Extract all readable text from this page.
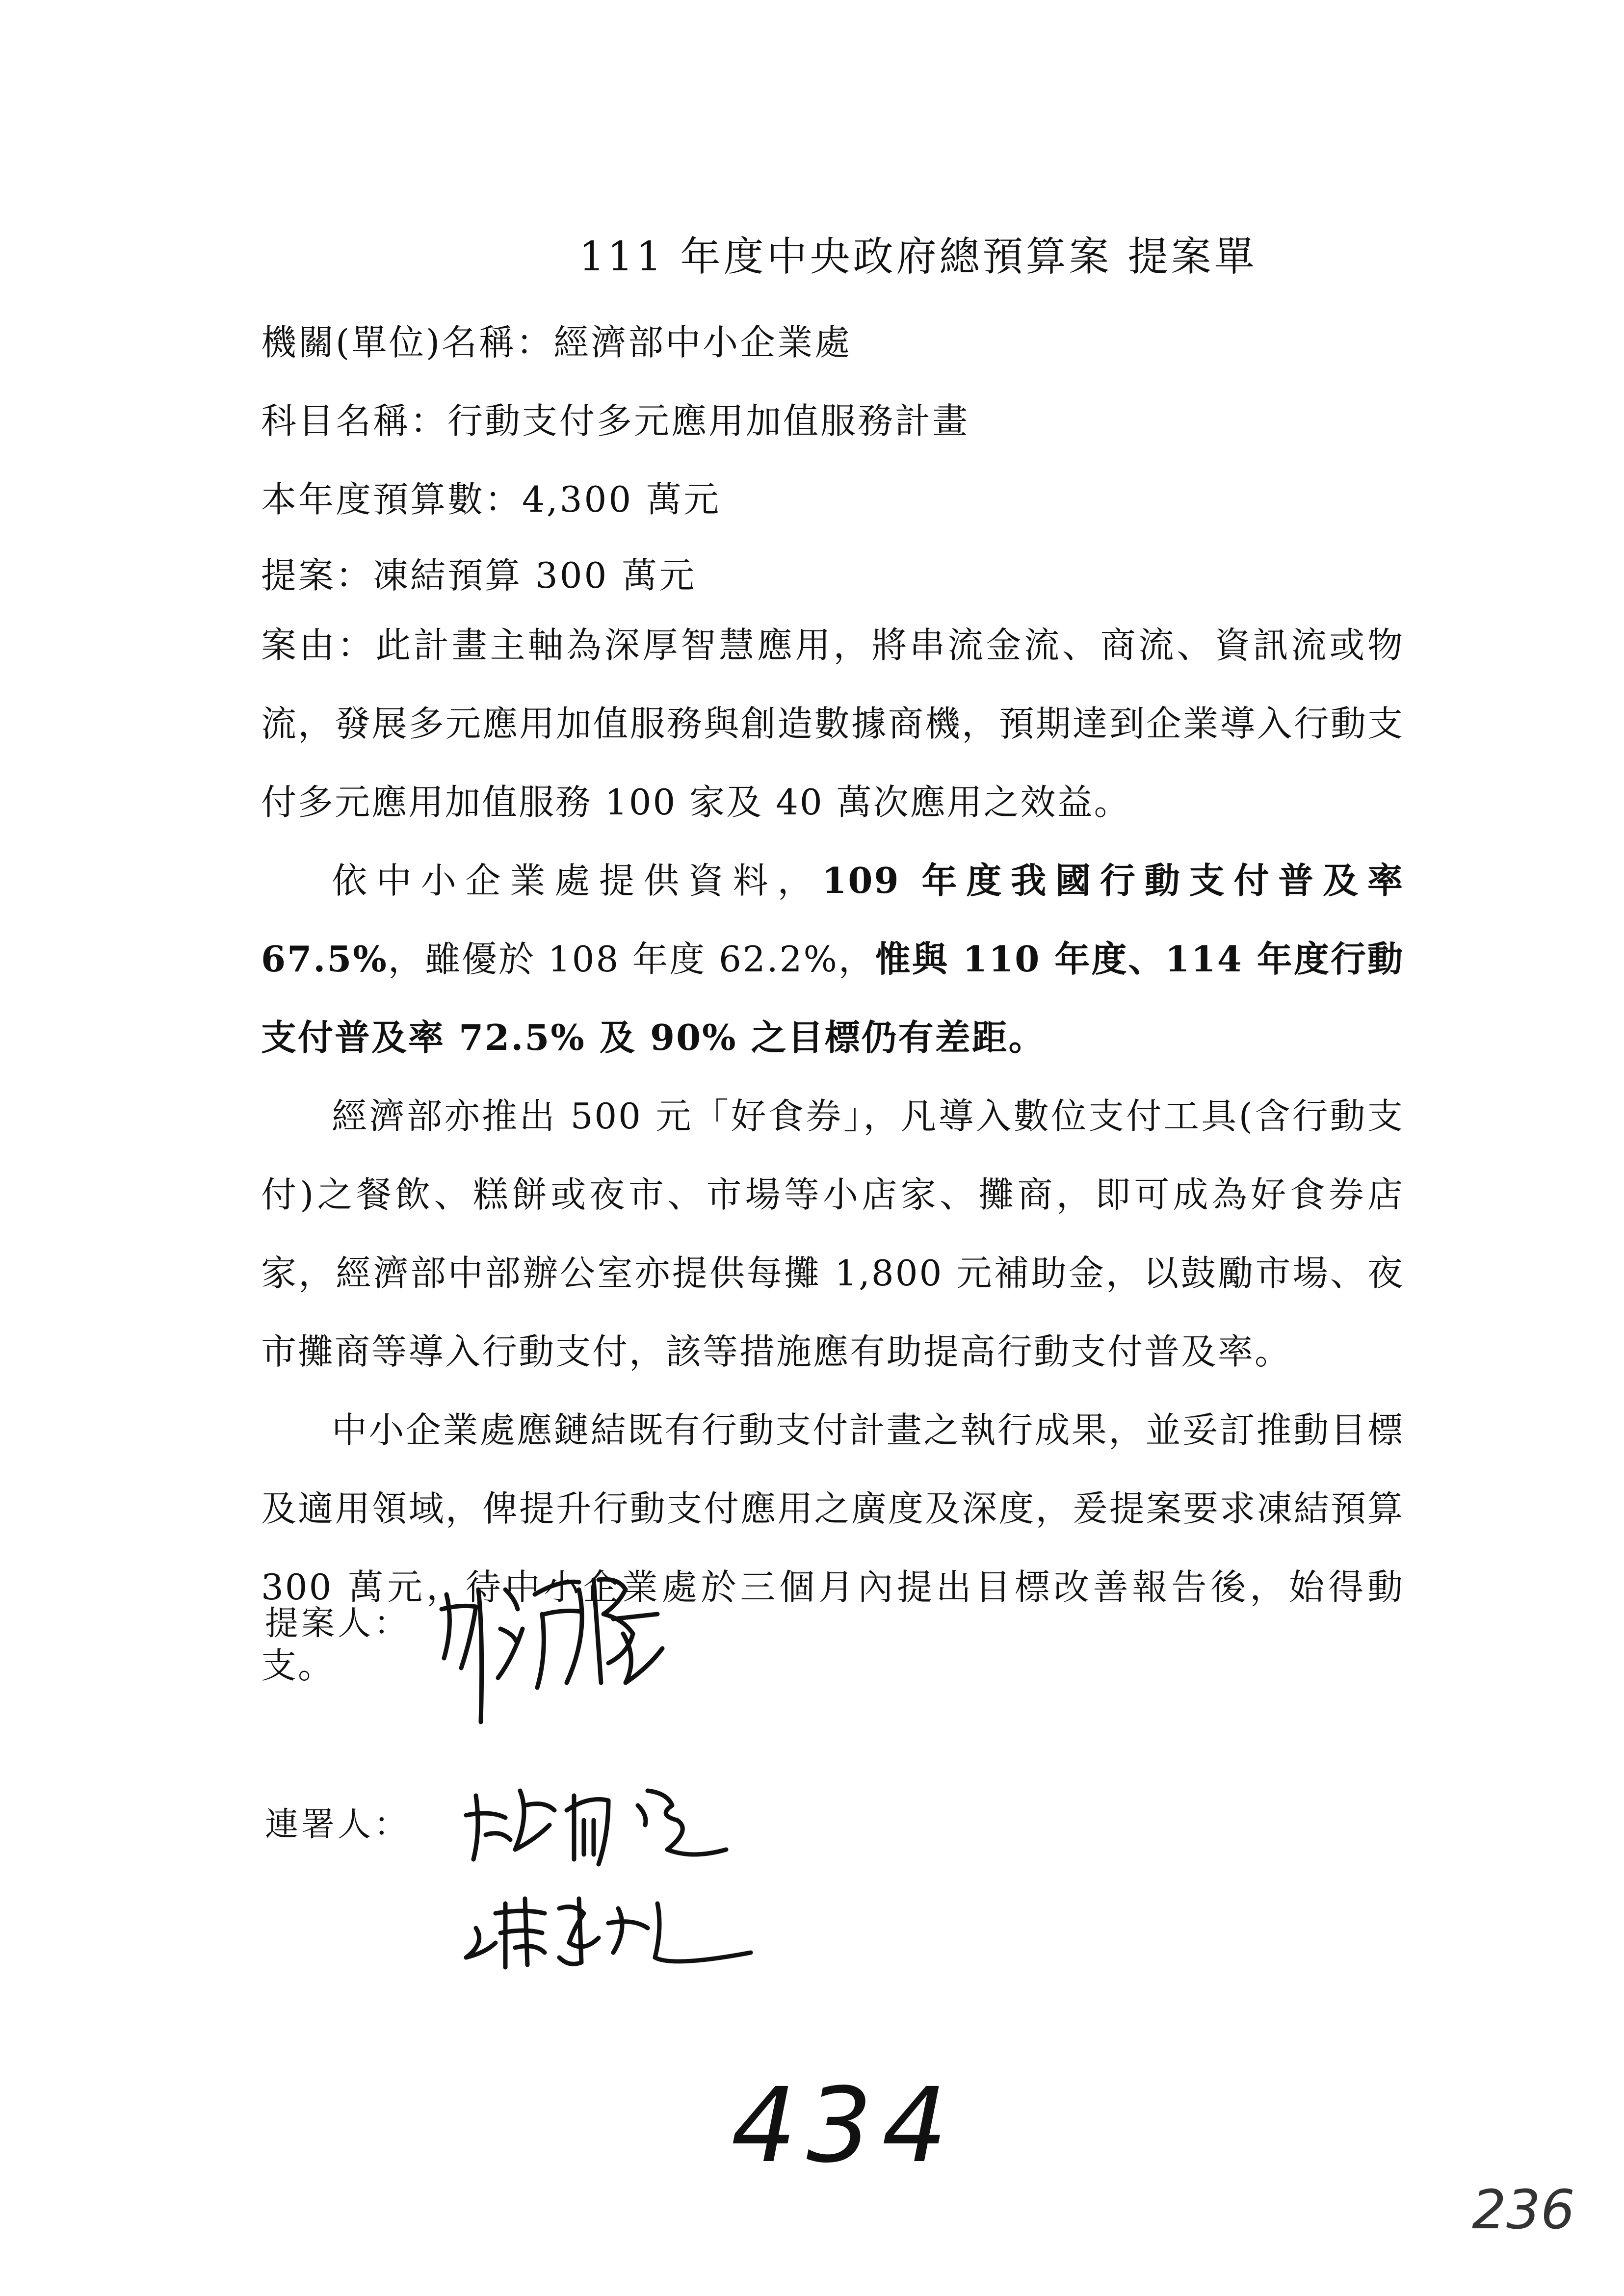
111 年度中央政府總預算案 提案單
機關(單位)名稱：經濟部中小企業處
科目名稱：行動支付多元應用加值服務計畫
本年度預算數：4,300 萬元
提案：凍結預算 300 萬元

案由：此計畫主軸為深厚智慧應用，將串流金流、商流、資訊流或物流，發展多元應用加值服務與創造數據商機，預期達到企業導入行動支付多元應用加值服務 100 家及 40 萬次應用之效益。

依中小企業處提供資料，109 年度我國行動支付普及率 67.5%，雖優於 108 年度 62.2%，惟與 110 年度、114 年度行動支付普及率 72.5% 及 90% 之目標仍有差距。

經濟部亦推出 500 元「好食券」，凡導入數位支付工具(含行動支付)之餐飲、糕餅或夜市、市場等小店家、攤商，即可成為好食券店家，經濟部中部辦公室亦提供每攤 1,800 元補助金，以鼓勵市場、夜市攤商等導入行動支付，該等措施應有助提高行動支付普及率。

中小企業處應鏈結既有行動支付計畫之執行成果，並妥訂推動目標及適用領域，俾提升行動支付應用之廣度及深度，爰提案要求凍結預算 300 萬元，待中小企業處於三個月內提出目標改善報告後，始得動支。

提案人：
連署人：
434
236
